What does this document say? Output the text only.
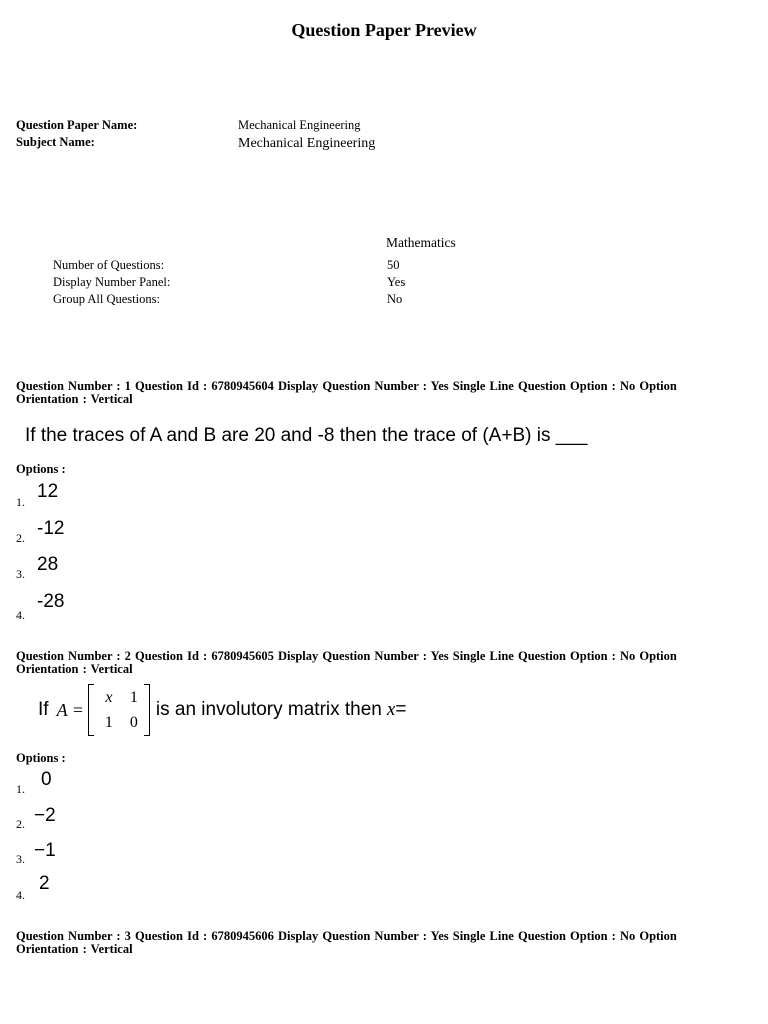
Question Paper Preview
Question Paper Name:	Mechanical Engineering
Subject Name:	Mechanical Engineering
Mathematics
Number of Questions:	50
Display Number Panel:	Yes
Group All Questions:	No
Question Number : 1 Question Id : 6780945604 Display Question Number : Yes Single Line Question Option : No Option Orientation : Vertical
If the traces of A and B are 20 and -8 then the trace of (A+B) is ___
Options :
1. 12
2. -12
3. 28
4.
-28
Question Number : 2 Question Id : 6780945605 Display Question Number : Yes Single Line Question Option : No Option Orientation : Vertical
If A =
x	1
1	0
is an involutory matrix then x =
Options :
1. 0
2. −2
3. −1
4.
2
Question Number : 3 Question Id : 6780945606 Display Question Number : Yes Single Line Question Option : No Option Orientation : Vertical
